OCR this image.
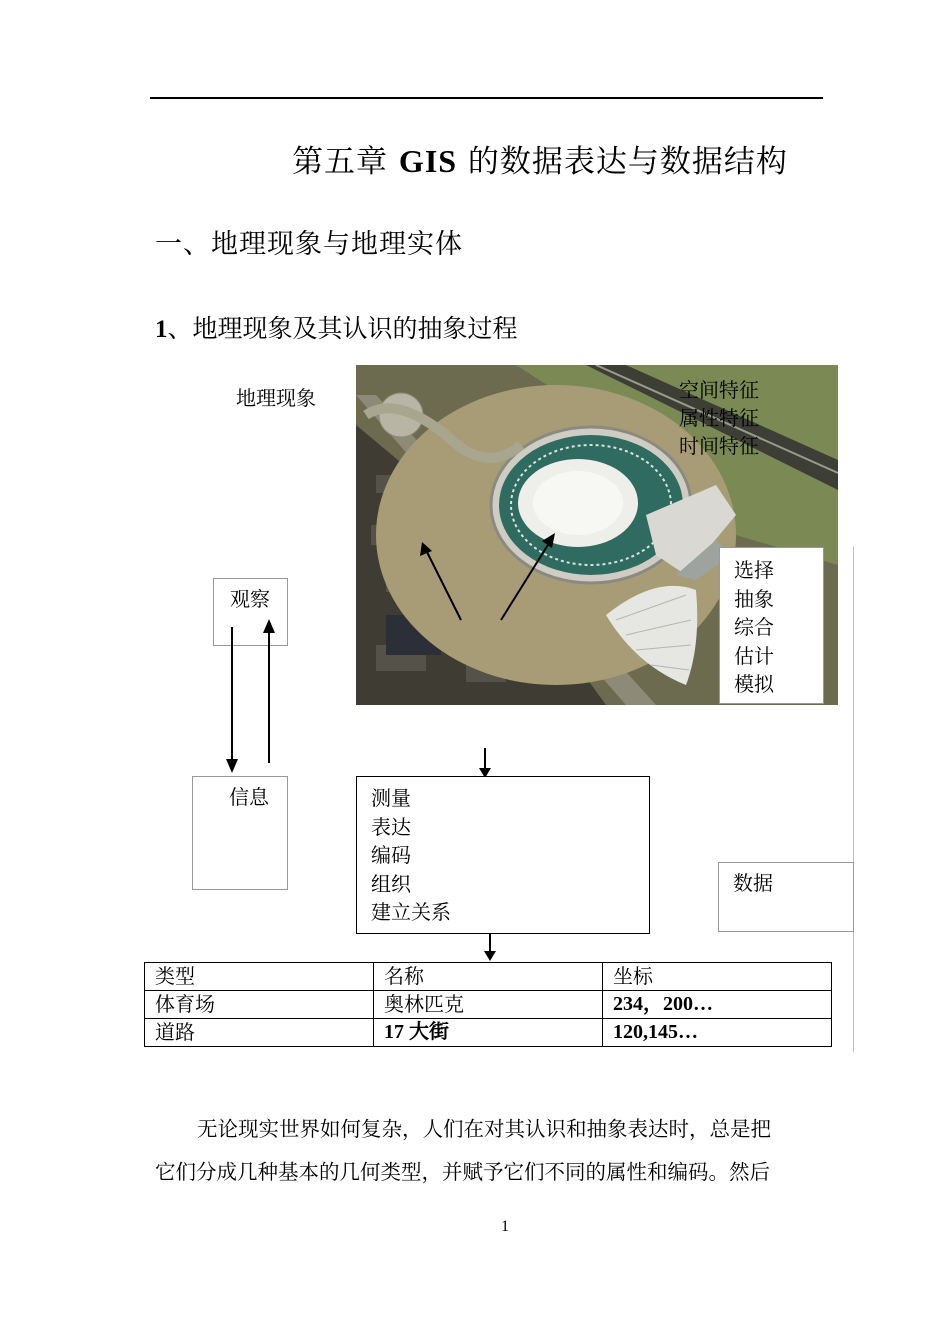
第五章 GIS 的数据表达与数据结构
一、地理现象与地理实体
1、地理现象及其认识的抽象过程
地理现象	空间特征
属性特征
时间特征
选择
抽象
综合
估计
模拟
观察
信息	测量
表达
编码
组织
建立关系
数据
类型	名称	坐标
体育场	奥林匹克	234，200…
道路	17 大街	120,145…

无论现实世界如何复杂，人们在对其认识和抽象表达时，总是把

它们分成几种基本的几何类型，并赋予它们不同的属性和编码。然后

1
